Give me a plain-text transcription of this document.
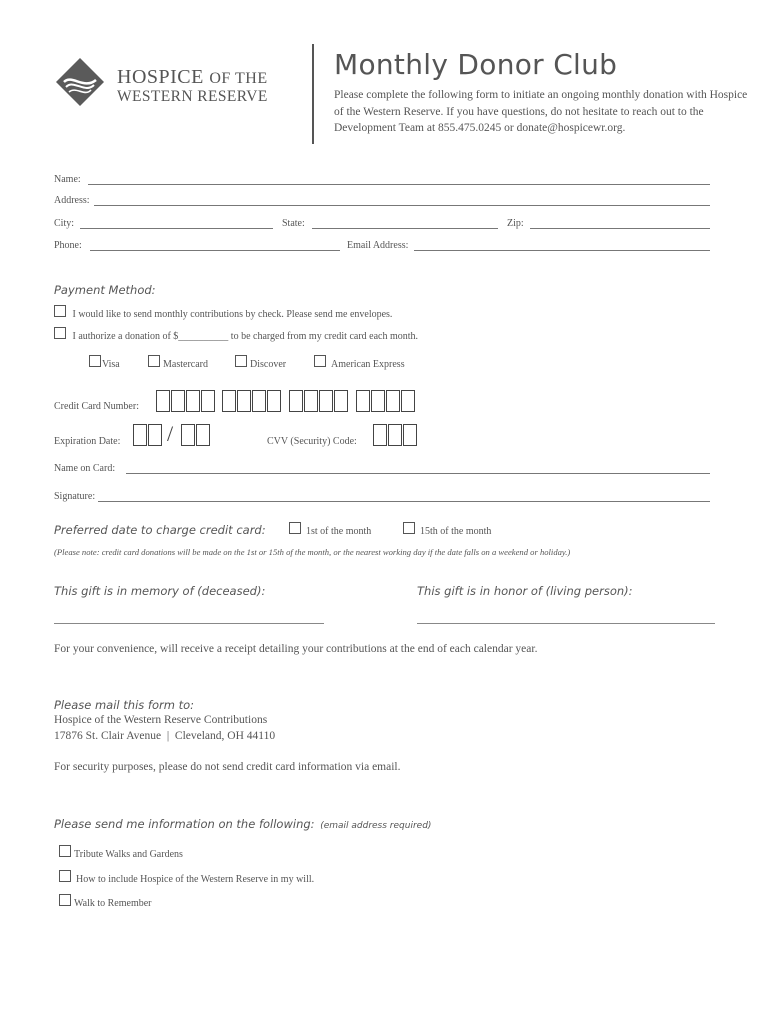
HOSPICE OF THE
WESTERN RESERVE
Monthly Donor Club
Please complete the following form to initiate an ongoing monthly donation with Hospice of the Western Reserve. If you have questions, do not hesitate to reach out to the Development Team at 855.475.0245 or donate@hospicewr.org.
Name:
Address:
City:	State:	Zip:
Phone:	Email Address:
Payment Method:
I would like to send monthly contributions by check. Please send me envelopes.
I authorize a donation of $__________ to be charged from my credit card each month.
Visa	Mastercard	Discover	American Express
Credit Card Number:
Expiration Date: /	CVV (Security) Code:
Name on Card:
Signature:
Preferred date to charge credit card:	1st of the month	15th of the month
(Please note: credit card donations will be made on the 1st or 15th of the month, or the nearest working day if the date falls on a weekend or holiday.)
This gift is in memory of (deceased):	This gift is in honor of (living person):
For your convenience, will receive a receipt detailing your contributions at the end of each calendar year.
Please mail this form to:
Hospice of the Western Reserve Contributions
17876 St. Clair Avenue  |  Cleveland, OH 44110
For security purposes, please do not send credit card information via email.
Please send me information on the following: (email address required)
Tribute Walks and Gardens
How to include Hospice of the Western Reserve in my will.
Walk to Remember
